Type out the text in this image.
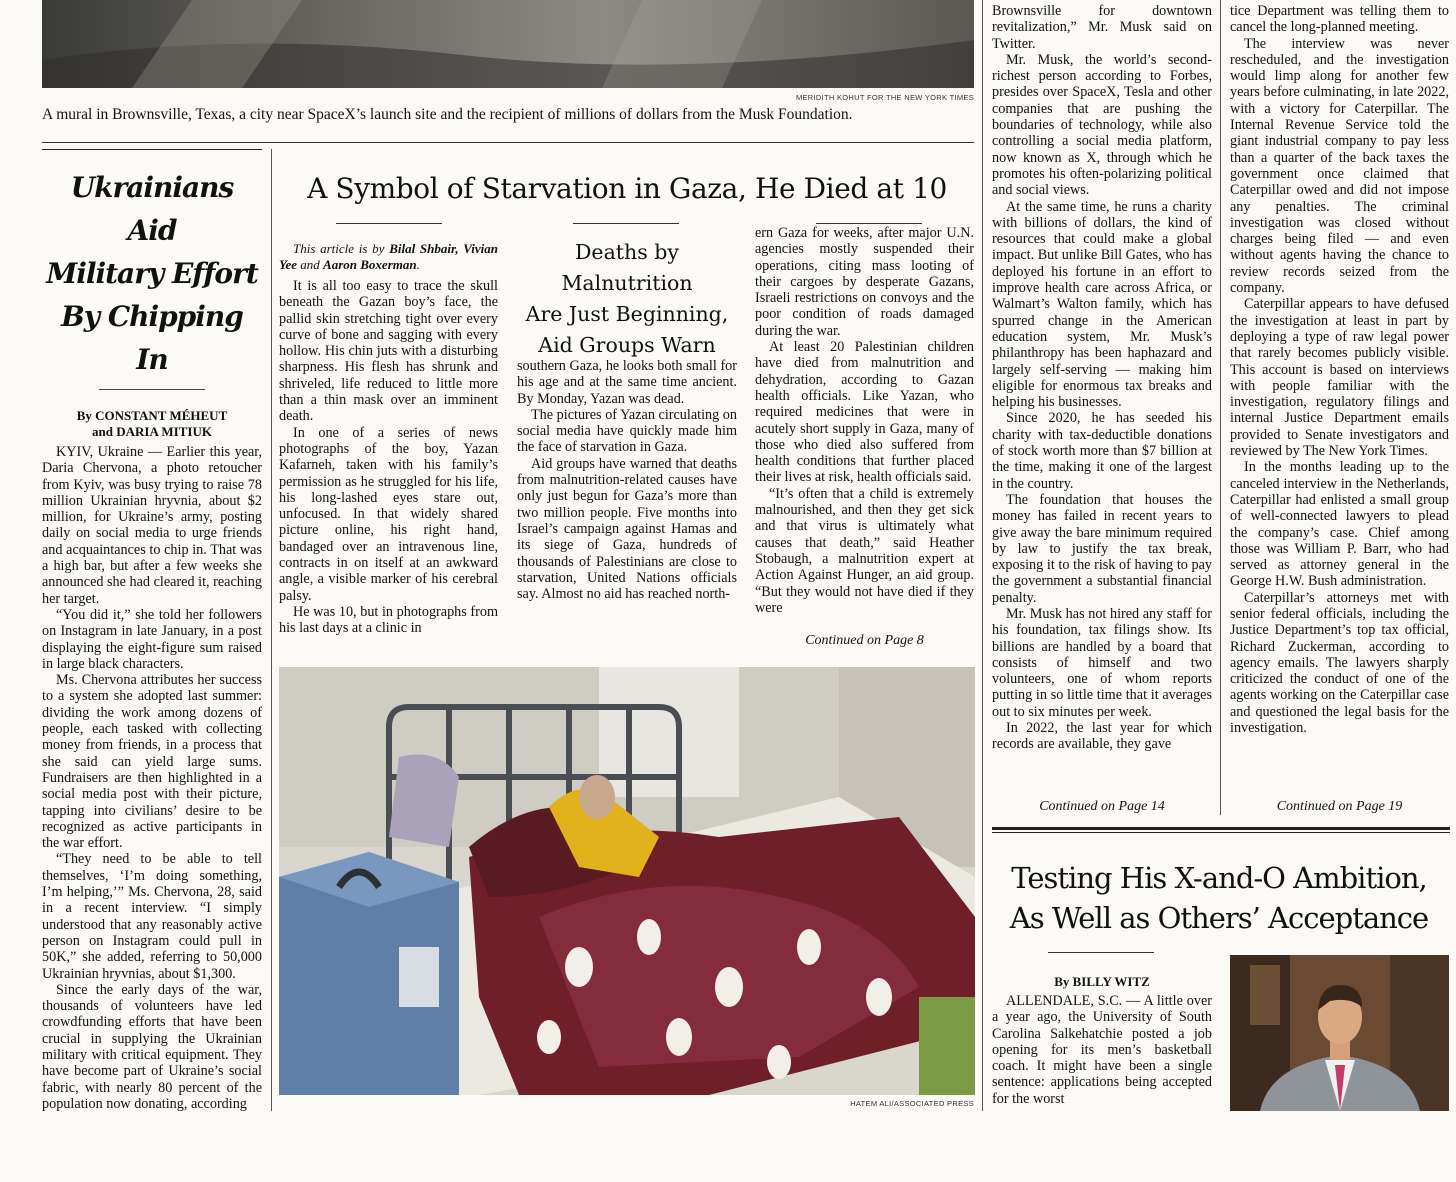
MERIDITH KOHUT FOR THE NEW YORK TIMES
A mural in Brownsville, Texas, a city near SpaceX’s launch site and the recipient of millions of dollars from the Musk Foundation.
Ukrainians Aid
Military Effort
By Chipping In
By CONSTANT MÉHEUT
and DARIA MITIUK

KYIV, Ukraine — Earlier this year, Daria Chervona, a photo retoucher from Kyiv, was busy trying to raise 78 million Ukrainian hryvnia, about $2 million, for Ukraine’s army, posting daily on social media to urge friends and acquaintances to chip in. That was a high bar, but after a few weeks she announced she had cleared it, reaching her target.

“You did it,” she told her followers on Instagram in late January, in a post displaying the eight-figure sum raised in large black characters.

Ms. Chervona attributes her success to a system she adopted last summer: dividing the work among dozens of people, each tasked with collecting money from friends, in a process that she said can yield large sums. Fundraisers are then highlighted in a social media post with their picture, tapping into civilians’ desire to be recognized as active participants in the war effort.

“They need to be able to tell themselves, ‘I’m doing something, I’m helping,’” Ms. Chervona, 28, said in a recent interview. “I simply understood that any reasonably active person on Instagram could pull in 50K,” she added, referring to 50,000 Ukrainian hryvnias, about $1,300.

Since the early days of the war, thousands of volunteers have led crowdfunding efforts that have been crucial in supplying the Ukrainian military with critical equipment. They have become part of Ukraine’s social fabric, with nearly 80 percent of the population now donating, according

A Symbol of Starvation in Gaza, He Died at 10
This article is by Bilal Shbair, Vivian Yee and Aaron Boxerman.

It is all too easy to trace the skull beneath the Gazan boy’s face, the pallid skin stretching tight over every curve of bone and sagging with every hollow. His chin juts with a disturbing sharpness. His flesh has shrunk and shriveled, life reduced to little more than a thin mask over an imminent death.

In one of a series of news photographs of the boy, Yazan Kafarneh, taken with his family’s permission as he struggled for his life, his long-lashed eyes stare out, unfocused. In that widely shared picture online, his right hand, bandaged over an intravenous line, contracts in on itself at an awkward angle, a visible marker of his cerebral palsy.

He was 10, but in photographs from his last days at a clinic in

Deaths by Malnutrition
Are Just Beginning,
Aid Groups Warn

southern Gaza, he looks both small for his age and at the same time ancient. By Monday, Yazan was dead.

The pictures of Yazan circulating on social media have quickly made him the face of starvation in Gaza.

Aid groups have warned that deaths from malnutrition-related causes have only just begun for Gaza’s more than two million people. Five months into Israel’s campaign against Hamas and its siege of Gaza, hundreds of thousands of Palestinians are close to starvation, United Nations officials say. Almost no aid has reached north-

ern Gaza for weeks, after major U.N. agencies mostly suspended their operations, citing mass looting of their cargoes by desperate Gazans, Israeli restrictions on convoys and the poor condition of roads damaged during the war.

At least 20 Palestinian children have died from malnutrition and dehydration, according to Gazan health officials. Like Yazan, who required medicines that were in acutely short supply in Gaza, many of those who died also suffered from health conditions that further placed their lives at risk, health officials said.

“It’s often that a child is extremely malnourished, and then they get sick and that virus is ultimately what causes that death,” said Heather Stobaugh, a malnutrition expert at Action Against Hunger, an aid group. “But they would not have died if they were

Continued on Page 8
HATEM ALI/ASSOCIATED PRESS

Brownsville for downtown revitalization,” Mr. Musk said on Twitter.

Mr. Musk, the world’s second-richest person according to Forbes, presides over SpaceX, Tesla and other companies that are pushing the boundaries of technology, while also controlling a social media platform, now known as X, through which he promotes his often-polarizing political and social views.

At the same time, he runs a charity with billions of dollars, the kind of resources that could make a global impact. But unlike Bill Gates, who has deployed his fortune in an effort to improve health care across Africa, or Walmart’s Walton family, which has spurred change in the American education system, Mr. Musk’s philanthropy has been haphazard and largely self-serving — making him eligible for enormous tax breaks and helping his businesses.

Since 2020, he has seeded his charity with tax-deductible donations of stock worth more than $7 billion at the time, making it one of the largest in the country.

The foundation that houses the money has failed in recent years to give away the bare minimum required by law to justify the tax break, exposing it to the risk of having to pay the government a substantial financial penalty.

Mr. Musk has not hired any staff for his foundation, tax filings show. Its billions are handled by a board that consists of himself and two volunteers, one of whom reports putting in so little time that it averages out to six minutes per week.

In 2022, the last year for which records are available, they gave

Continued on Page 14

tice Department was telling them to cancel the long-planned meeting.

The interview was never rescheduled, and the investigation would limp along for another few years before culminating, in late 2022, with a victory for Caterpillar. The Internal Revenue Service told the giant industrial company to pay less than a quarter of the back taxes the government once claimed that Caterpillar owed and did not impose any penalties. The criminal investigation was closed without charges being filed — and even without agents having the chance to review records seized from the company.

Caterpillar appears to have defused the investigation at least in part by deploying a type of raw legal power that rarely becomes publicly visible. This account is based on interviews with people familiar with the investigation, regulatory filings and internal Justice Department emails provided to Senate investigators and reviewed by The New York Times.

In the months leading up to the canceled interview in the Netherlands, Caterpillar had enlisted a small group of well-connected lawyers to plead the company’s case. Chief among those was William P. Barr, who had served as attorney general in the George H.W. Bush administration.

Caterpillar’s attorneys met with senior federal officials, including the Justice Department’s top tax official, Richard Zuckerman, according to agency emails. The lawyers sharply criticized the conduct of one of the agents working on the Caterpillar case and questioned the legal basis for the investigation.

Continued on Page 19
Testing His X-and-O Ambition,
As Well as Others’ Acceptance
By BILLY WITZ

ALLENDALE, S.C. — A little over a year ago, the University of South Carolina Salkehatchie posted a job opening for its men’s basketball coach. It might have been a single sentence: applications being accepted for the worst
